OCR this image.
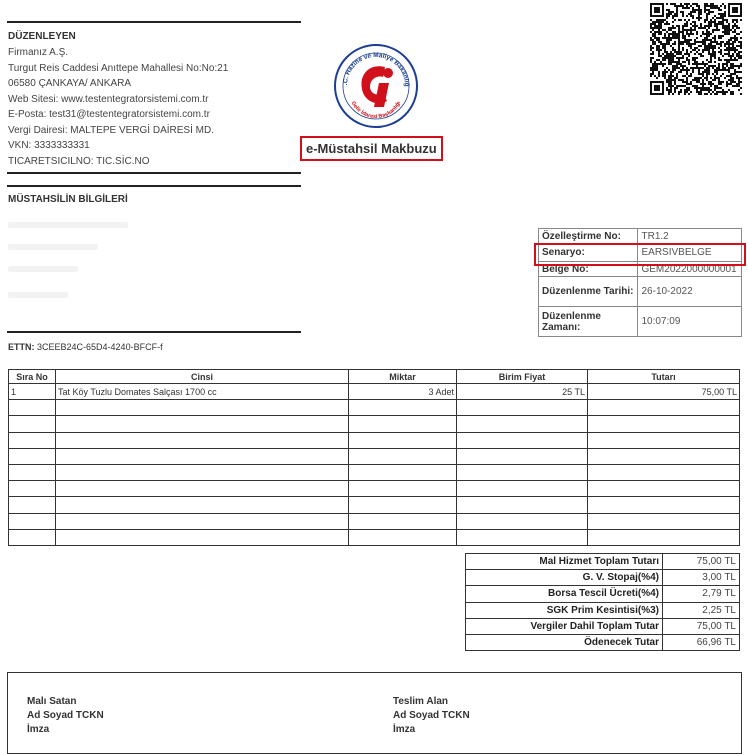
DÜZENLEYEN
Firmanız A.Ş.
Turgut Reis Caddesi Anıttepe Mahallesi No:No:21
06580 ÇANKAYA/ ANKARA
Web Sitesi: www.testentegratorsistemi.com.tr
E-Posta: test31@testentegratorsistemi.com.tr
Vergi Dairesi: MALTEPE VERGİ DAİRESİ MD.
VKN: 3333333331
TICARETSICILNO: TIC.SİC.NO
.C. Hazine ve Maliye Bakanlığ
Gelir İdaresi Başkanlığı
e-Müstahsil Makbuzu
MÜSTAHSİLİN BİLGİLERİ
ETTN: 3CEEB24C-65D4-4240-BFCF-f
Özelleştirme No:	TR1.2
Senaryo:	EARSIVBELGE
Belge No:	GEM2022000000001
Düzenlenme Tarihi:	26-10-2022
Düzenlenme Zamanı:	10:07:09
Sıra No	Cinsi	Miktar	Birim Fiyat	Tutarı
1	Tat Köy Tuzlu Domates Salçası 1700 cc	3 Adet	25 TL	75,00 TL

Mal Hizmet Toplam Tutarı	75,00 TL
G. V. Stopaj(%4)	3,00 TL
Borsa Tescil Ücreti(%4)	2,79 TL
SGK Prim Kesintisi(%3)	2,25 TL
Vergiler Dahil Toplam Tutar	75,00 TL
Ödenecek Tutar	66,96 TL
Malı Satan
Ad Soyad TCKN
İmza
Teslim Alan
Ad Soyad TCKN
İmza
